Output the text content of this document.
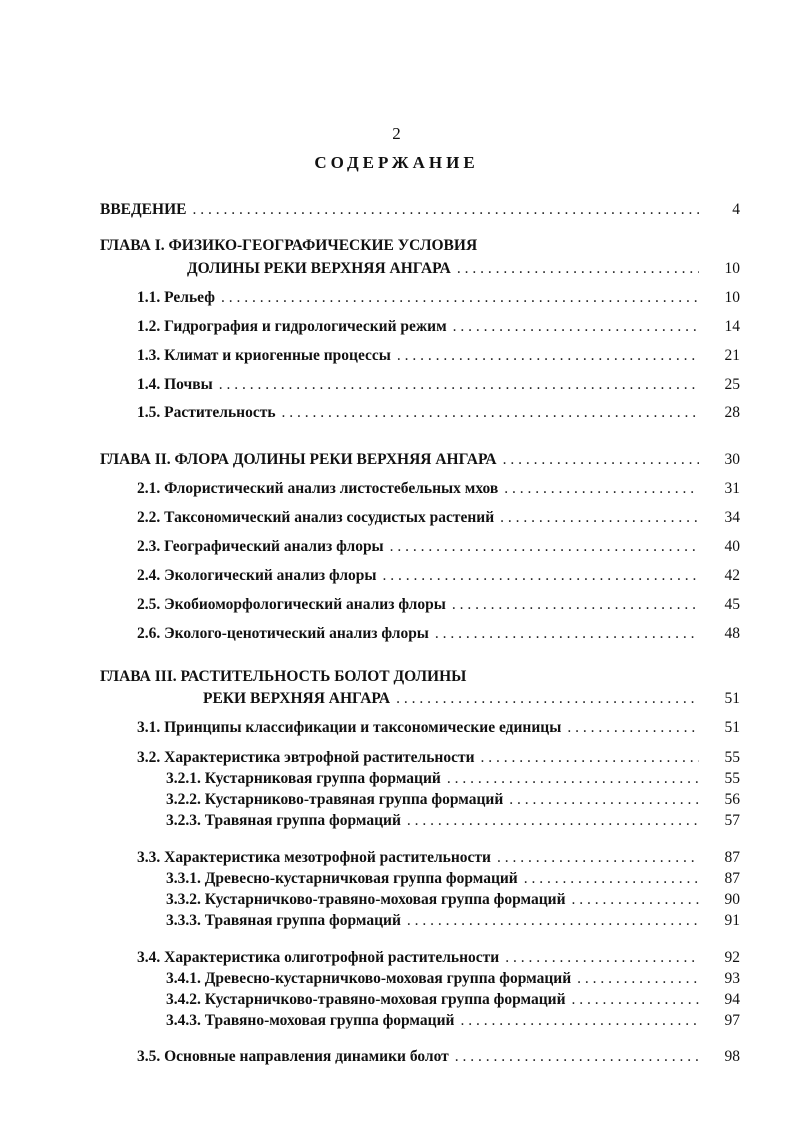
2
СОДЕРЖАНИЕ
ВВЕДЕНИЕ . . .	4
ГЛАВА I. ФИЗИКО-ГЕОГРАФИЧЕСКИЕ УСЛОВИЯ
ДОЛИНЫ РЕКИ ВЕРХНЯЯ АНГАРА . . .	10
1.1. Рельеф . . .	10
1.2. Гидрография и гидрологический режим . . .	14
1.3. Климат и криогенные процессы . . .	21
1.4. Почвы . . .	25
1.5. Растительность . . .	28
ГЛАВА II. ФЛОРА ДОЛИНЫ РЕКИ ВЕРХНЯЯ АНГАРА . . .	30
2.1. Флористический анализ листостебельных мхов . . .	31
2.2. Таксономический анализ сосудистых растений . . .	34
2.3. Географический анализ флоры . . .	40
2.4. Экологический анализ флоры . . .	42
2.5. Экобиоморфологический анализ флоры . . .	45
2.6. Эколого-ценотический анализ флоры . . .	48
ГЛАВА III. РАСТИТЕЛЬНОСТЬ БОЛОТ ДОЛИНЫ
РЕКИ ВЕРХНЯЯ АНГАРА . . .	51
3.1. Принципы классификации и таксономические единицы . . .	51
3.2. Характеристика эвтрофной растительности . . .	55
3.2.1. Кустарниковая группа формаций . . .	55
3.2.2. Кустарниково-травяная группа формаций . . .	56
3.2.3. Травяная группа формаций . . .	57
3.3. Характеристика мезотрофной растительности . . .	87
3.3.1. Древесно-кустарничковая группа формаций . . .	87
3.3.2. Кустарничково-травяно-моховая группа формаций . . .	90
3.3.3. Травяная группа формаций . . .	91
3.4. Характеристика олиготрофной растительности . . .	92
3.4.1. Древесно-кустарничково-моховая группа формаций . . .	93
3.4.2. Кустарничково-травяно-моховая группа формаций . . .	94
3.4.3. Травяно-моховая группа формаций . . .	97
3.5. Основные направления динамики болот . . .	98
